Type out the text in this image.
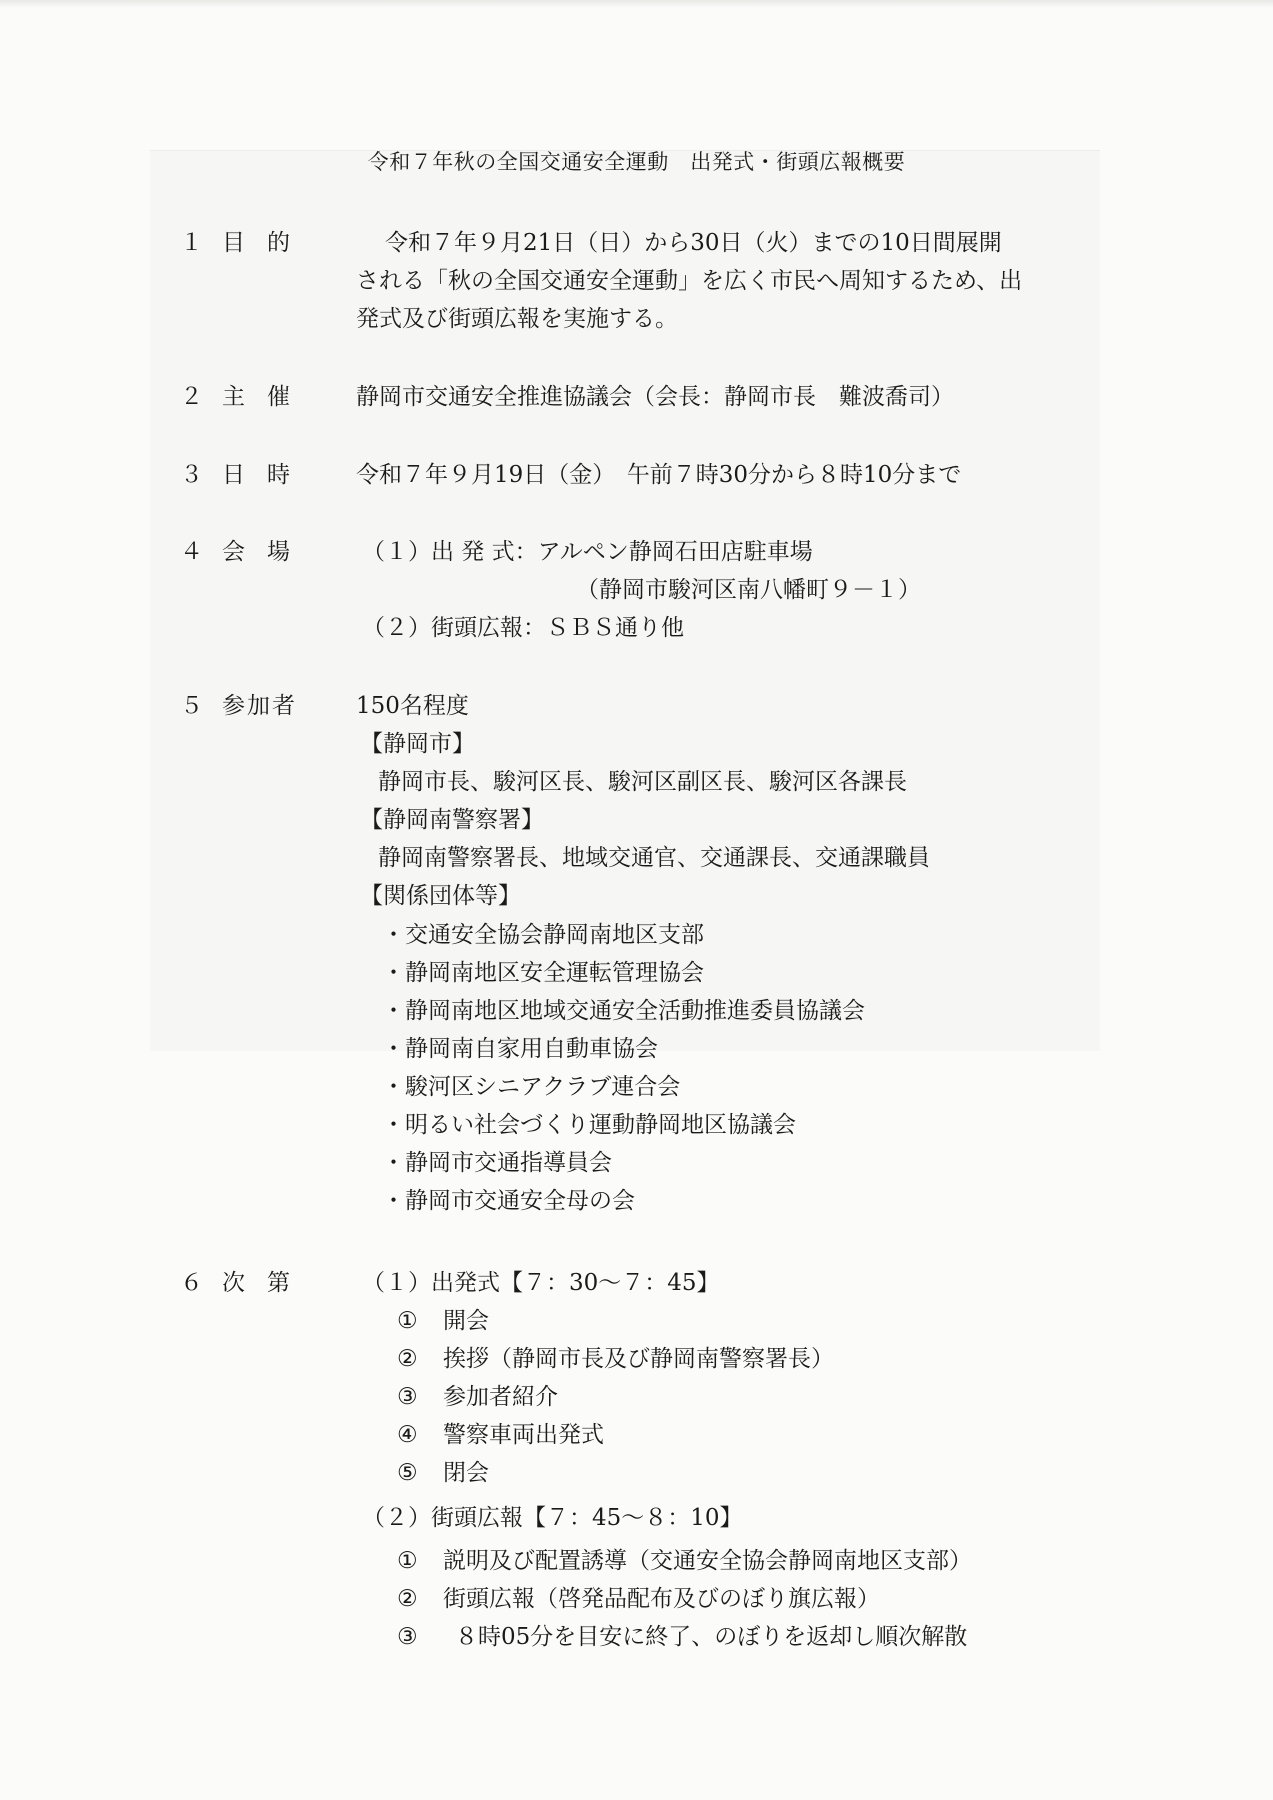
令和７年秋の全国交通安全運動　出発式・街頭広報概要
１ 目的	令和７年９月21日（日）から30日（火）までの10日間展開
される「秋の全国交通安全運動」を広く市民へ周知するため、出
発式及び街頭広報を実施する。
２ 主催 静岡市交通安全推進協議会（会長：静岡市長　難波喬司）
３ 日時 令和７年９月19日（金）　午前７時30分から８時10分まで
４ 会場 （１）出 発 式：アルペン静岡石田店駐車場
（静岡市駿河区南八幡町９－１）
（２）街頭広報：ＳＢＳ通り他
５ 参加者	150名程度
【静岡市】
静岡市長、駿河区長、駿河区副区長、駿河区各課長
【静岡南警察署】
静岡南警察署長、地域交通官、交通課長、交通課職員
【関係団体等】
・交通安全協会静岡南地区支部
・静岡南地区安全運転管理協会
・静岡南地区地域交通安全活動推進委員協議会
・静岡南自家用自動車協会
・駿河区シニアクラブ連合会
・明るい社会づくり運動静岡地区協議会
・静岡市交通指導員会
・静岡市交通安全母の会
６ 次第 （１）出発式【７：30～７：45】
① 開会
② 挨拶（静岡市長及び静岡南警察署長）
③ 参加者紹介
④ 警察車両出発式
⑤ 閉会
（２）街頭広報【７：45～８：10】
① 説明及び配置誘導（交通安全協会静岡南地区支部）
② 街頭広報（啓発品配布及びのぼり旗広報）
③ ８時05分を目安に終了、のぼりを返却し順次解散
